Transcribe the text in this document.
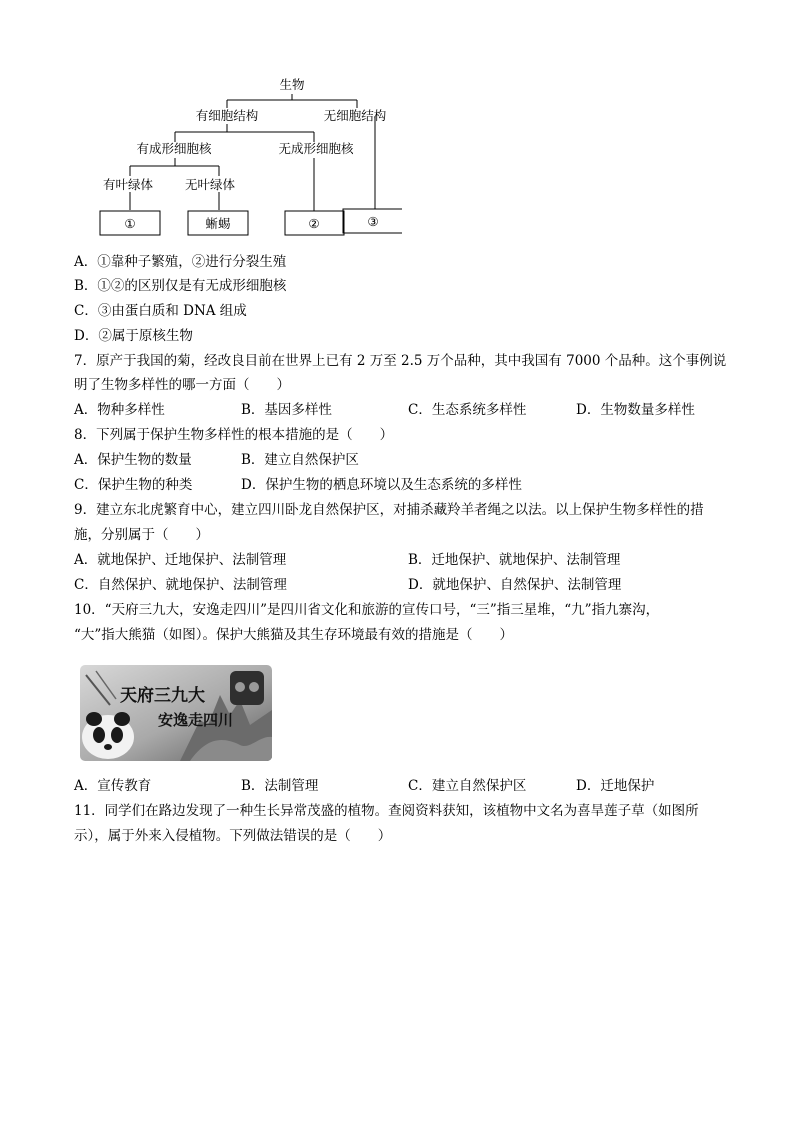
生物
有细胞结构	无细胞结构
有成形细胞核	无成形细胞核
有叶绿体	无叶绿体
①	蜥蜴	②	③
A．①靠种子繁殖，②进行分裂生殖
B．①②的区别仅是有无成形细胞核
C．③由蛋白质和 DNA 组成
D．②属于原核生物
7．原产于我国的菊，经改良目前在世界上已有 2 万至 2.5 万个品种，其中我国有 7000 个品种。这个事例说
明了生物多样性的哪一方面（　　）
A．物种多样性	B．基因多样性	C．生态系统多样性	D．生物数量多样性
8．下列属于保护生物多样性的根本措施的是（　　）
A．保护生物的数量	B．建立自然保护区
C．保护生物的种类	D．保护生物的栖息环境以及生态系统的多样性
9．建立东北虎繁育中心，建立四川卧龙自然保护区，对捕杀藏羚羊者绳之以法。以上保护生物多样性的措
施，分别属于（　　）
A．就地保护、迁地保护、法制管理	B．迁地保护、就地保护、法制管理
C．自然保护、就地保护、法制管理	D．就地保护、自然保护、法制管理
10．“天府三九大，安逸走四川”是四川省文化和旅游的宣传口号，“三”指三星堆，“九”指九寨沟，
“大”指大熊猫（如图）。保护大熊猫及其生存环境最有效的措施是（　　）
天府三九大
安逸走四川
A．宣传教育	B．法制管理	C．建立自然保护区	D．迁地保护
11．同学们在路边发现了一种生长异常茂盛的植物。查阅资料获知，该植物中文名为喜旱莲子草（如图所
示），属于外来入侵植物。下列做法错误的是（　　）
